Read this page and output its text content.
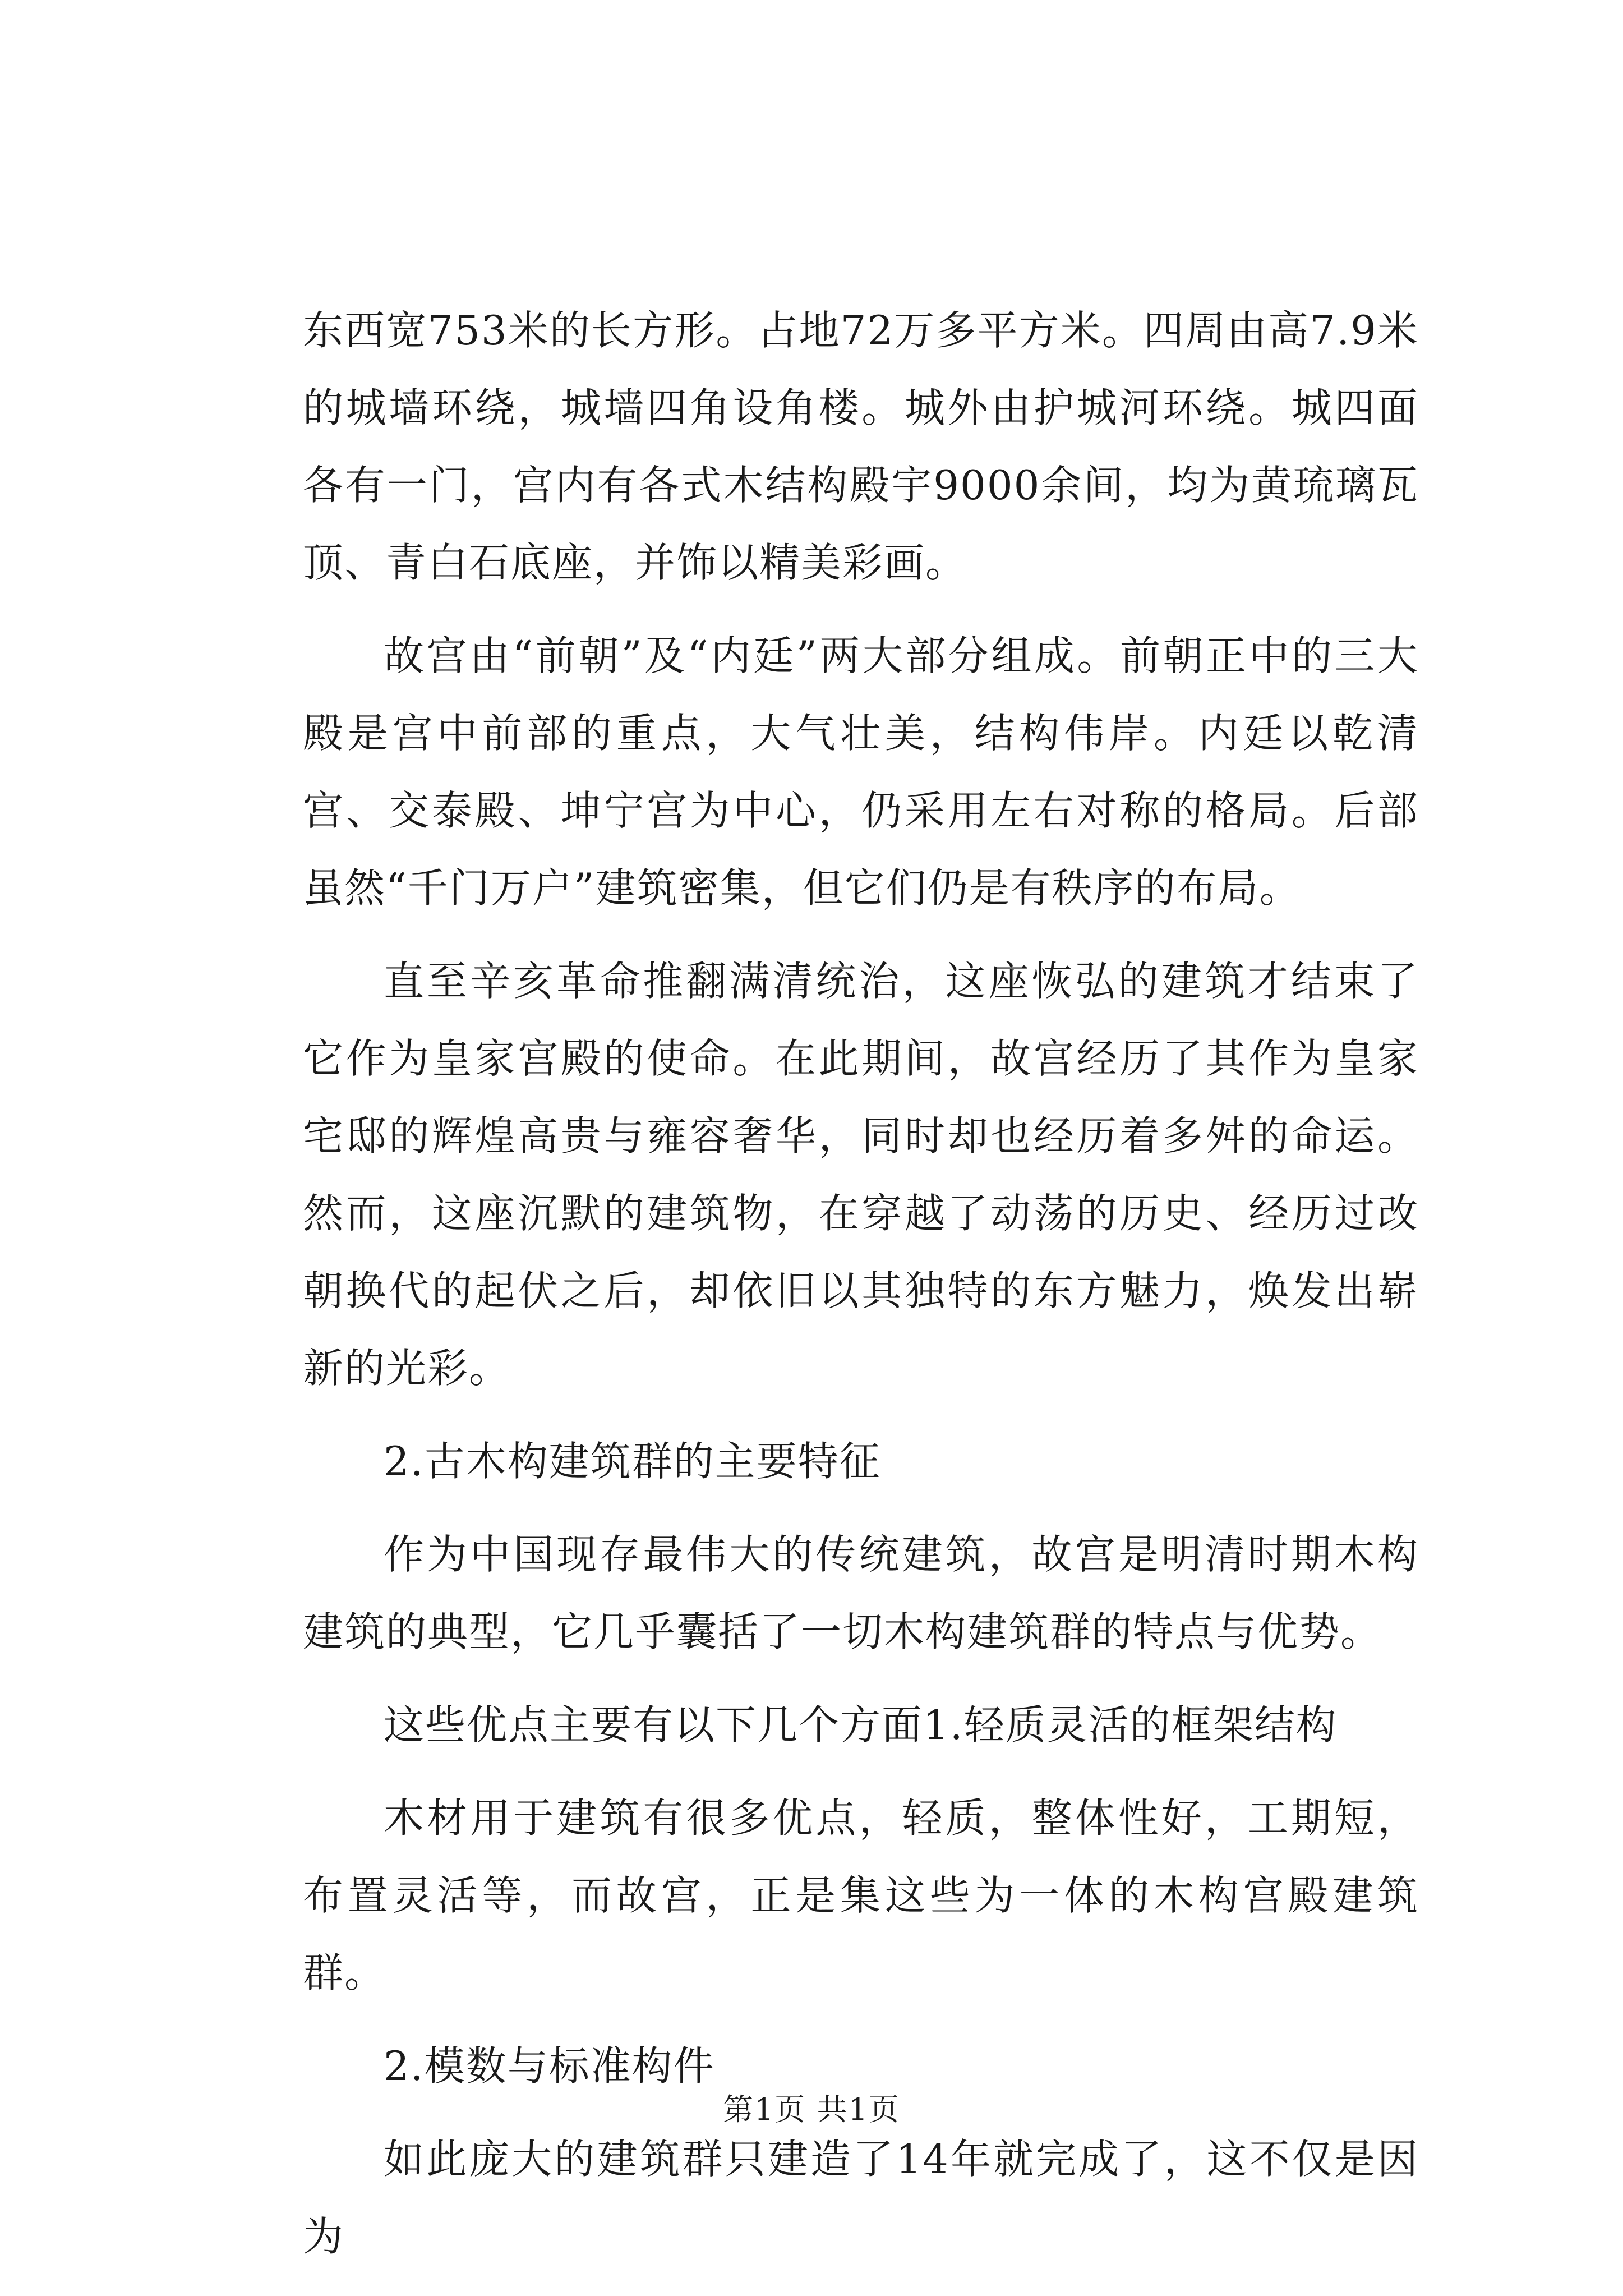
东西宽753米的长方形。占地72万多平方米。四周由高7.9米的城墙环绕，城墙四角设角楼。城外由护城河环绕。城四面各有一门，宫内有各式木结构殿宇9000余间，均为黄琉璃瓦顶、青白石底座，并饰以精美彩画。

故宫由“前朝”及“内廷”两大部分组成。前朝正中的三大殿是宫中前部的重点，大气壮美，结构伟岸。内廷以乾清宫、交泰殿、坤宁宫为中心，仍采用左右对称的格局。后部虽然“千门万户”建筑密集，但它们仍是有秩序的布局。

直至辛亥革命推翻满清统治，这座恢弘的建筑才结束了它作为皇家宫殿的使命。在此期间，故宫经历了其作为皇家宅邸的辉煌高贵与雍容奢华，同时却也经历着多舛的命运。然而，这座沉默的建筑物，在穿越了动荡的历史、经历过改朝换代的起伏之后，却依旧以其独特的东方魅力，焕发出崭新的光彩。

2.古木构建筑群的主要特征

作为中国现存最伟大的传统建筑，故宫是明清时期木构建筑的典型，它几乎囊括了一切木构建筑群的特点与优势。

这些优点主要有以下几个方面1.轻质灵活的框架结构

木材用于建筑有很多优点，轻质，整体性好，工期短，布置灵活等，而故宫，正是集这些为一体的木构宫殿建筑群。

2.模数与标准构件

如此庞大的建筑群只建造了14年就完成了，这不仅是因为

第1页 共1页
